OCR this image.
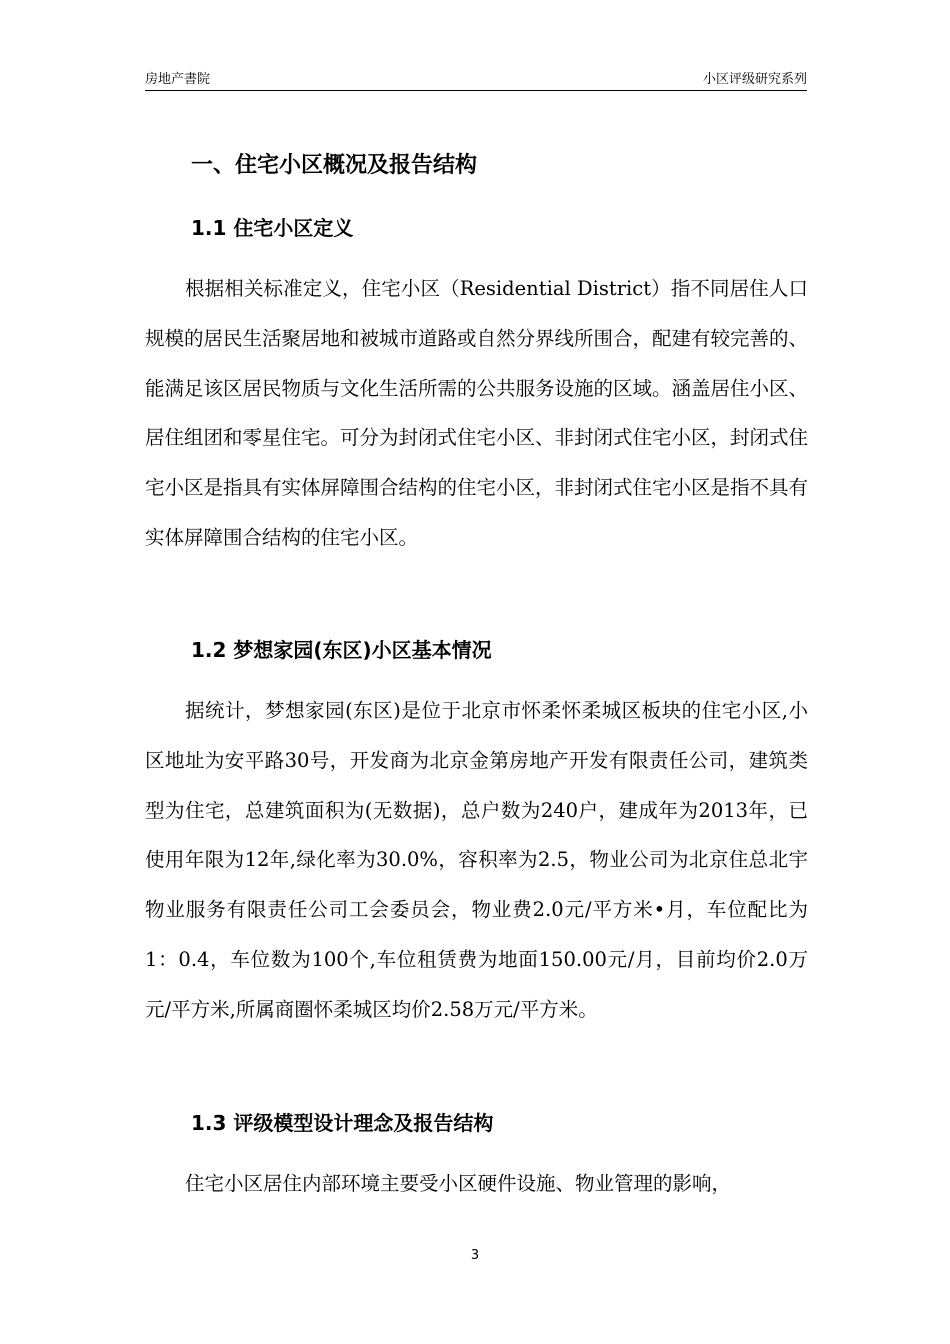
房地产書院	小区评级研究系列
一、住宅小区概况及报告结构
1.1 住宅小区定义

根据相关标准定义，住宅小区（Residential District）指不同居住人口规模的居民生活聚居地和被城市道路或自然分界线所围合，配建有较完善的、能满足该区居民物质与文化生活所需的公共服务设施的区域。涵盖居住小区、居住组团和零星住宅。可分为封闭式住宅小区、非封闭式住宅小区，封闭式住宅小区是指具有实体屏障围合结构的住宅小区，非封闭式住宅小区是指不具有实体屏障围合结构的住宅小区。

1.2 梦想家园(东区)小区基本情况

据统计，梦想家园(东区)是位于北京市怀柔怀柔城区板块的住宅小区,小区地址为安平路30号，开发商为北京金第房地产开发有限责任公司，建筑类型为住宅，总建筑面积为(无数据)，总户数为240户，建成年为2013年，已使用年限为12年,绿化率为30.0%，容积率为2.5，物业公司为北京住总北宇物业服务有限责任公司工会委员会，物业费2.0元/平方米•月，车位配比为1：0.4，车位数为100个,车位租赁费为地面150.00元/月，目前均价2.0万元/平方米,所属商圈怀柔城区均价2.58万元/平方米。

1.3 评级模型设计理念及报告结构

住宅小区居住内部环境主要受小区硬件设施、物业管理的影响，

3
